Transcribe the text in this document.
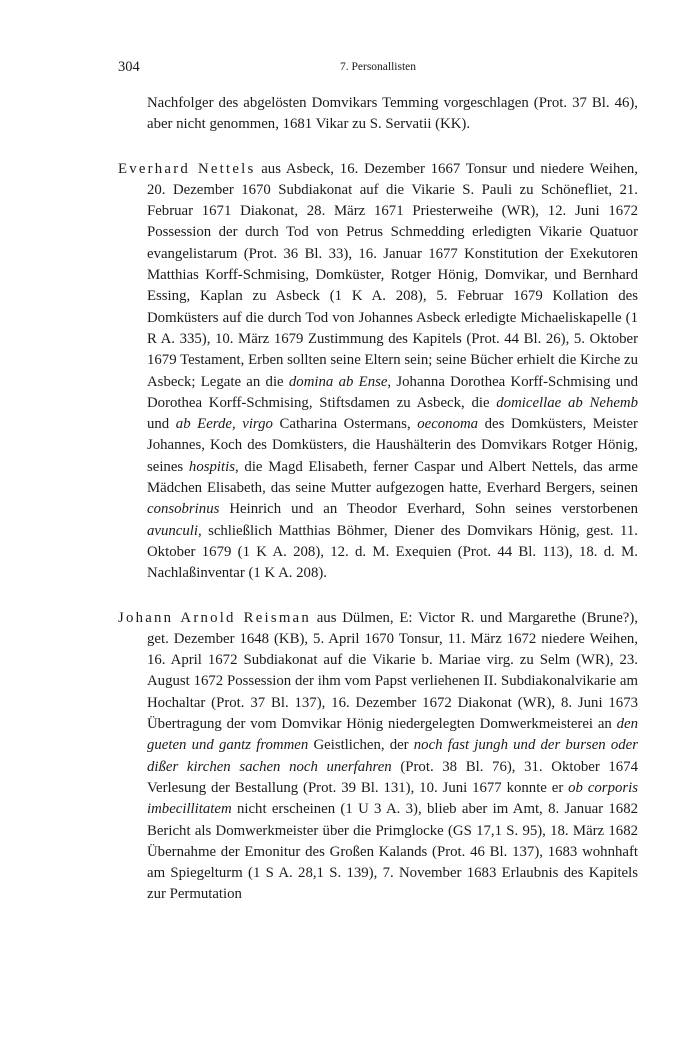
304	7. Personallisten

Nachfolger des abgelösten Domvikars Temming vorgeschlagen (Prot. 37 Bl. 46), aber nicht genommen, 1681 Vikar zu S. Servatii (KK).

Everhard Nettels aus Asbeck, 16. Dezember 1667 Tonsur und niedere Weihen, 20. Dezember 1670 Subdiakonat auf die Vikarie S. Pauli zu Schönefliet, 21. Februar 1671 Diakonat, 28. März 1671 Priesterweihe (WR), 12. Juni 1672 Possession der durch Tod von Petrus Schmedding erledigten Vikarie Quatuor evangelistarum (Prot. 36 Bl. 33), 16. Januar 1677 Konstitution der Exekutoren Matthias Korff-Schmising, Domküster, Rotger Hönig, Domvikar, und Bernhard Essing, Kaplan zu Asbeck (1 K A. 208), 5. Februar 1679 Kollation des Domküsters auf die durch Tod von Johannes Asbeck erledigte Michaeliskapelle (1 R A. 335), 10. März 1679 Zustimmung des Kapitels (Prot. 44 Bl. 26), 5. Oktober 1679 Testament, Erben sollten seine Eltern sein; seine Bücher erhielt die Kirche zu Asbeck; Legate an die domina ab Ense, Johanna Dorothea Korff-Schmising und Dorothea Korff-Schmising, Stiftsdamen zu Asbeck, die domicellae ab Nehemb und ab Eerde, virgo Catharina Ostermans, oeconoma des Domküsters, Meister Johannes, Koch des Domküsters, die Haushälterin des Domvikars Rotger Hönig, seines hospitis, die Magd Elisabeth, ferner Caspar und Albert Nettels, das arme Mädchen Elisabeth, das seine Mutter aufgezogen hatte, Everhard Bergers, seinen consobrinus Heinrich und an Theodor Everhard, Sohn seines verstorbenen avunculi, schließlich Matthias Böhmer, Diener des Domvikars Hönig, gest. 11. Oktober 1679 (1 K A. 208), 12. d. M. Exequien (Prot. 44 Bl. 113), 18. d. M. Nachlaßinventar (1 K A. 208).

Johann Arnold Reisman aus Dülmen, E: Victor R. und Margarethe (Brune?), get. Dezember 1648 (KB), 5. April 1670 Tonsur, 11. März 1672 niedere Weihen, 16. April 1672 Subdiakonat auf die Vikarie b. Mariae virg. zu Selm (WR), 23. August 1672 Possession der ihm vom Papst verliehenen II. Subdiakonalvikarie am Hochaltar (Prot. 37 Bl. 137), 16. Dezember 1672 Diakonat (WR), 8. Juni 1673 Übertragung der vom Domvikar Hönig niedergelegten Domwerkmeisterei an den gueten und gantz frommen Geistlichen, der noch fast jungh und der bursen oder dißer kirchen sachen noch unerfahren (Prot. 38 Bl. 76), 31. Oktober 1674 Verlesung der Bestallung (Prot. 39 Bl. 131), 10. Juni 1677 konnte er ob corporis imbecillitatem nicht erscheinen (1 U 3 A. 3), blieb aber im Amt, 8. Januar 1682 Bericht als Domwerkmeister über die Primglocke (GS 17,1 S. 95), 18. März 1682 Übernahme der Emonitur des Großen Kalands (Prot. 46 Bl. 137), 1683 wohnhaft am Spiegelturm (1 S A. 28,1 S. 139), 7. November 1683 Erlaubnis des Kapitels zur Permutation
